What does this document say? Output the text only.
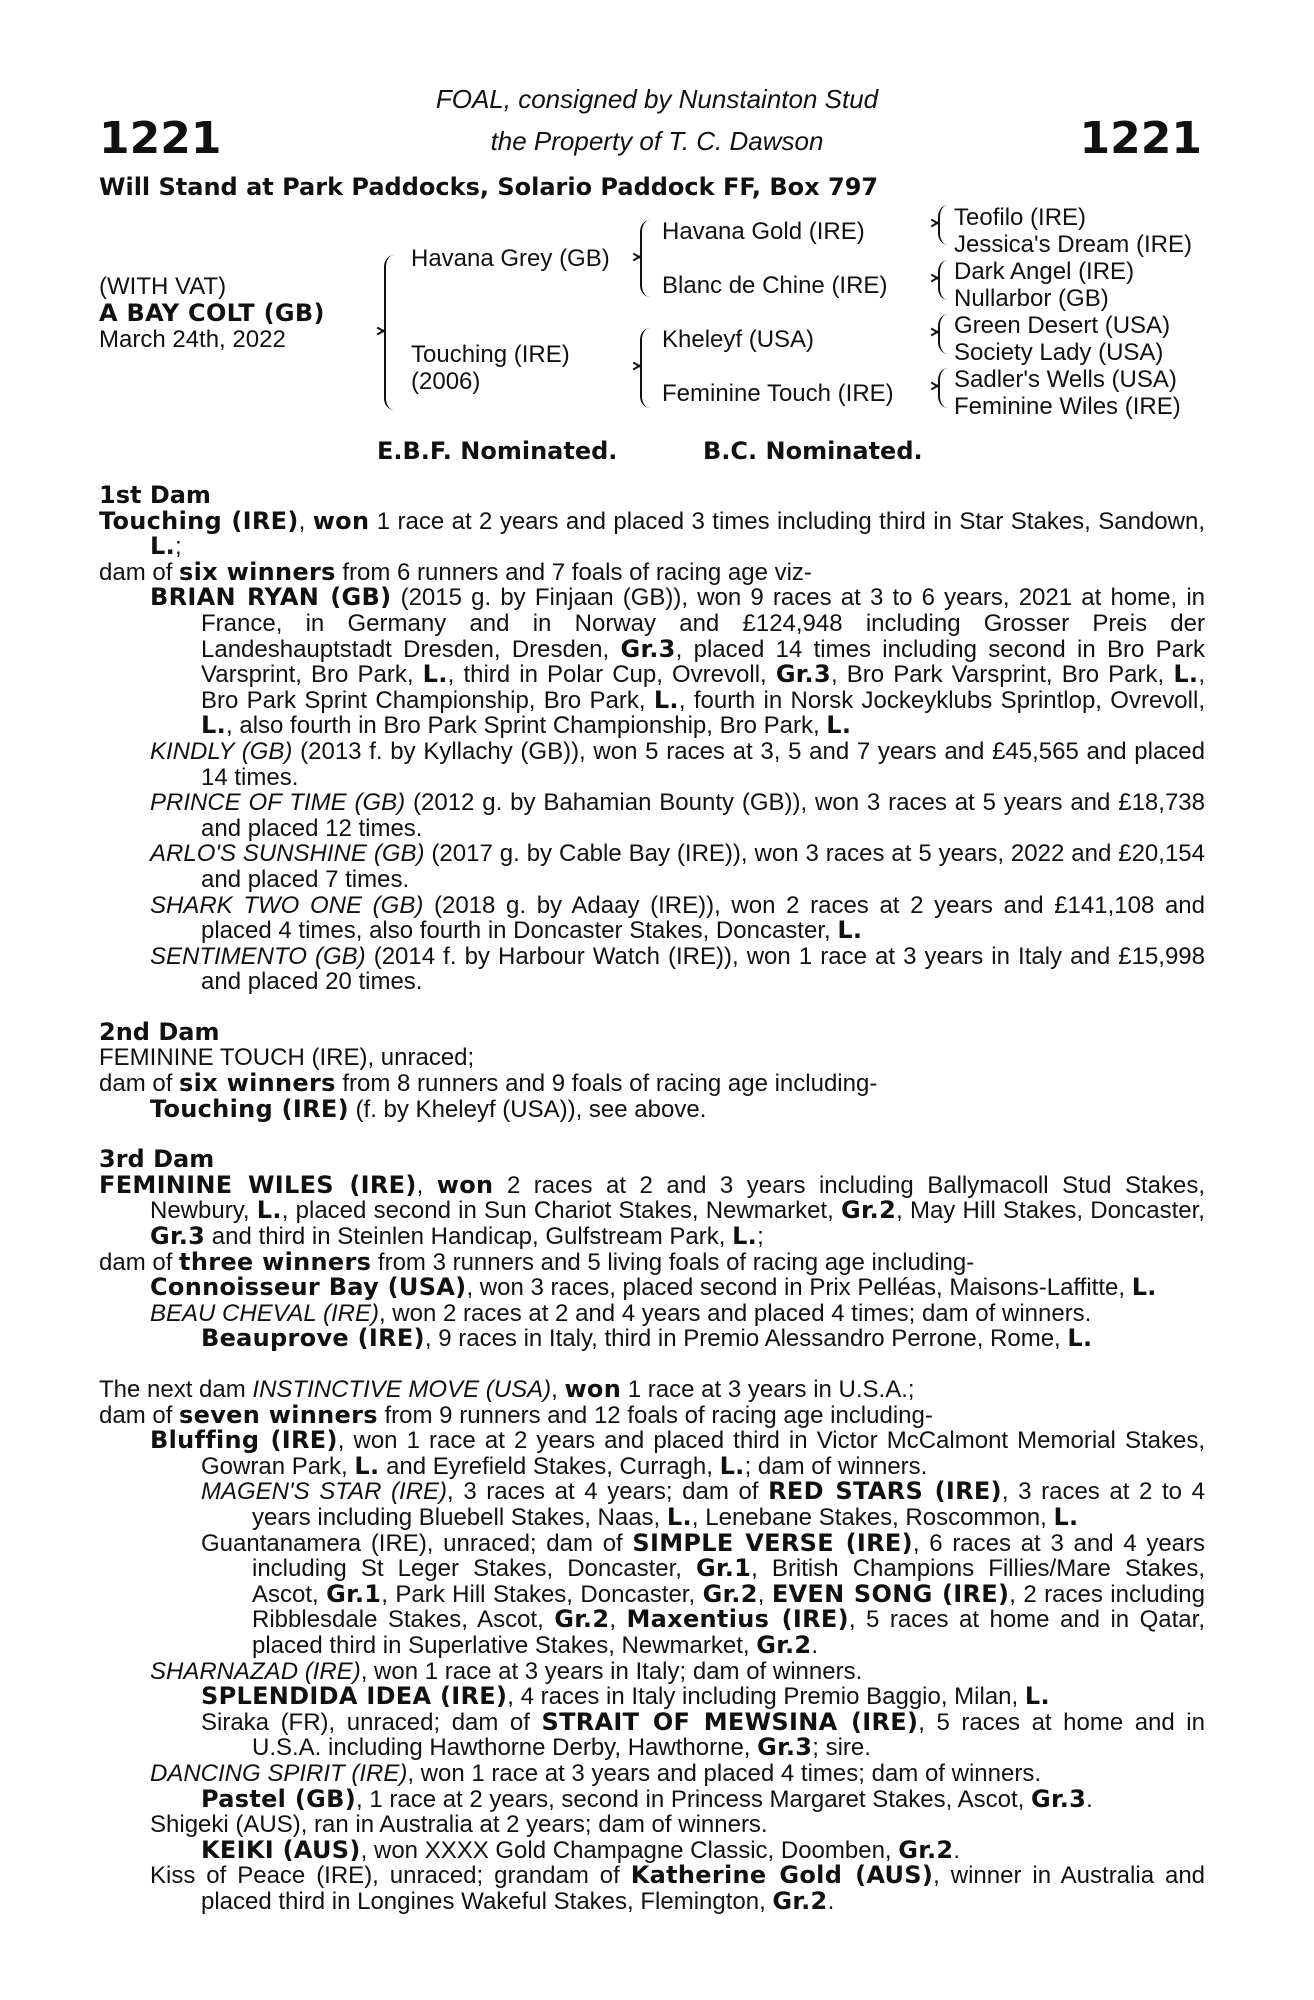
1221	1221
FOAL, consigned by Nunstainton Stud
the Property of T. C. Dawson
Will Stand at Park Paddocks, Solario Paddock FF, Box 797
(WITH VAT)
A BAY COLT (GB)
March 24th, 2022
Havana Grey (GB)
Touching (IRE)
(2006)
Havana Gold (IRE)
Blanc de Chine (IRE)
Kheleyf (USA)
Feminine Touch (IRE)
Teofilo (IRE)
Jessica's Dream (IRE)
Dark Angel (IRE)
Nullarbor (GB)
Green Desert (USA)
Society Lady (USA)
Sadler's Wells (USA)
Feminine Wiles (IRE)
E.B.F. Nominated.	B.C. Nominated.

1st Dam

Touching (IRE), won 1 race at 2 years and placed 3 times including third in Star Stakes, Sandown, L.;

dam of six winners from 6 runners and 7 foals of racing age viz-

BRIAN RYAN (GB) (2015 g. by Finjaan (GB)), won 9 races at 3 to 6 years, 2021 at home, in France, in Germany and in Norway and £124,948 including Grosser Preis der Landeshauptstadt Dresden, Dresden, Gr.3, placed 14 times including second in Bro Park Varsprint, Bro Park, L., third in Polar Cup, Ovrevoll, Gr.3, Bro Park Varsprint, Bro Park, L., Bro Park Sprint Championship, Bro Park, L., fourth in Norsk Jockeyklubs Sprintlop, Ovrevoll, L., also fourth in Bro Park Sprint Championship, Bro Park, L.

KINDLY (GB) (2013 f. by Kyllachy (GB)), won 5 races at 3, 5 and 7 years and £45,565 and placed 14 times.

PRINCE OF TIME (GB) (2012 g. by Bahamian Bounty (GB)), won 3 races at 5 years and £18,738 and placed 12 times.

ARLO'S SUNSHINE (GB) (2017 g. by Cable Bay (IRE)), won 3 races at 5 years, 2022 and £20,154 and placed 7 times.

SHARK TWO ONE (GB) (2018 g. by Adaay (IRE)), won 2 races at 2 years and £141,108 and placed 4 times, also fourth in Doncaster Stakes, Doncaster, L.

SENTIMENTO (GB) (2014 f. by Harbour Watch (IRE)), won 1 race at 3 years in Italy and £15,998 and placed 20 times.

2nd Dam

FEMININE TOUCH (IRE), unraced;

dam of six winners from 8 runners and 9 foals of racing age including-

Touching (IRE) (f. by Kheleyf (USA)), see above.

3rd Dam

FEMININE WILES (IRE), won 2 races at 2 and 3 years including Ballymacoll Stud Stakes, Newbury, L., placed second in Sun Chariot Stakes, Newmarket, Gr.2, May Hill Stakes, Doncaster, Gr.3 and third in Steinlen Handicap, Gulfstream Park, L.;

dam of three winners from 3 runners and 5 living foals of racing age including-

Connoisseur Bay (USA), won 3 races, placed second in Prix Pelléas, Maisons-Laffitte, L.

BEAU CHEVAL (IRE), won 2 races at 2 and 4 years and placed 4 times; dam of winners.

Beauprove (IRE), 9 races in Italy, third in Premio Alessandro Perrone, Rome, L.

The next dam INSTINCTIVE MOVE (USA), won 1 race at 3 years in U.S.A.;

dam of seven winners from 9 runners and 12 foals of racing age including-

Bluffing (IRE), won 1 race at 2 years and placed third in Victor McCalmont Memorial Stakes, Gowran Park, L. and Eyrefield Stakes, Curragh, L.; dam of winners.

MAGEN'S STAR (IRE), 3 races at 4 years; dam of RED STARS (IRE), 3 races at 2 to 4 years including Bluebell Stakes, Naas, L., Lenebane Stakes, Roscommon, L.

Guantanamera (IRE), unraced; dam of SIMPLE VERSE (IRE), 6 races at 3 and 4 years including St Leger Stakes, Doncaster, Gr.1, British Champions Fillies/Mare Stakes, Ascot, Gr.1, Park Hill Stakes, Doncaster, Gr.2, EVEN SONG (IRE), 2 races including Ribblesdale Stakes, Ascot, Gr.2, Maxentius (IRE), 5 races at home and in Qatar, placed third in Superlative Stakes, Newmarket, Gr.2.

SHARNAZAD (IRE), won 1 race at 3 years in Italy; dam of winners.

SPLENDIDA IDEA (IRE), 4 races in Italy including Premio Baggio, Milan, L.

Siraka (FR), unraced; dam of STRAIT OF MEWSINA (IRE), 5 races at home and in U.S.A. including Hawthorne Derby, Hawthorne, Gr.3; sire.

DANCING SPIRIT (IRE), won 1 race at 3 years and placed 4 times; dam of winners.

Pastel (GB), 1 race at 2 years, second in Princess Margaret Stakes, Ascot, Gr.3.

Shigeki (AUS), ran in Australia at 2 years; dam of winners.

KEIKI (AUS), won XXXX Gold Champagne Classic, Doomben, Gr.2.

Kiss of Peace (IRE), unraced; grandam of Katherine Gold (AUS), winner in Australia and placed third in Longines Wakeful Stakes, Flemington, Gr.2.
